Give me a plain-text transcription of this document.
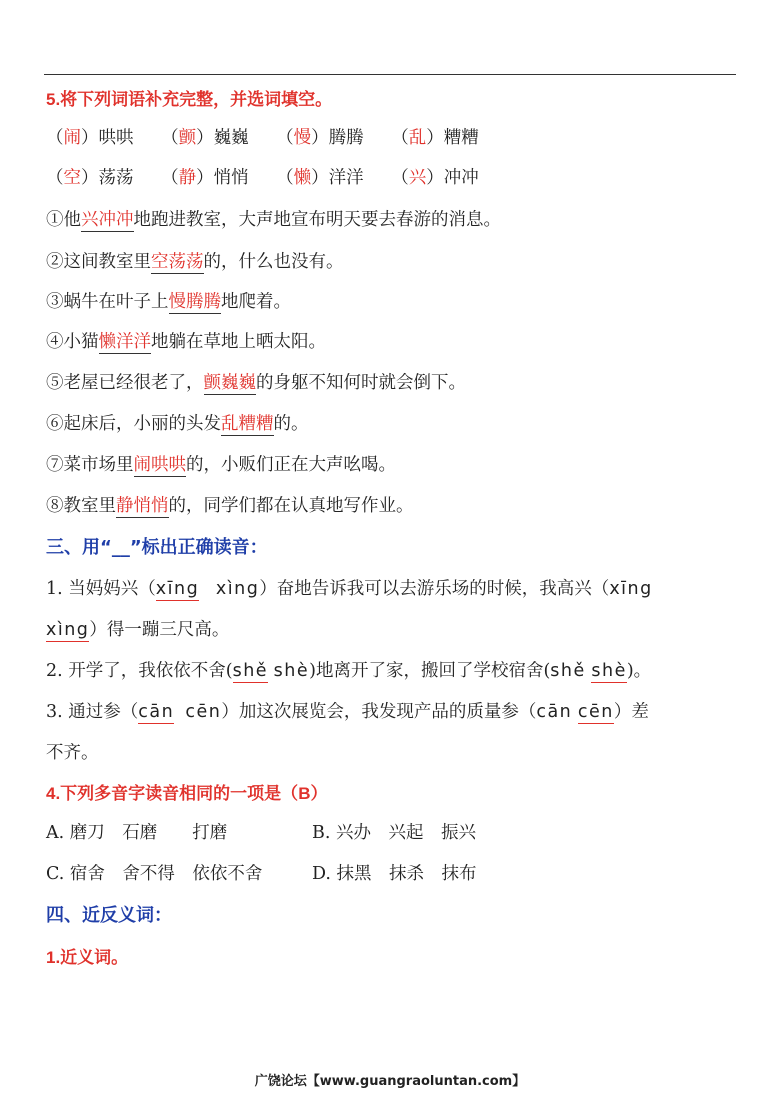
5.将下列词语补充完整，并选词填空。
（闹）哄哄 （颤）巍巍 （慢）腾腾 （乱）糟糟
（空）荡荡 （静）悄悄 （懒）洋洋 （兴）冲冲
①他兴冲冲地跑进教室，大声地宣布明天要去春游的消息。
②这间教室里空荡荡的，什么也没有。
③蜗牛在叶子上慢腾腾地爬着。
④小猫懒洋洋地躺在草地上晒太阳。
⑤老屋已经很老了，颤巍巍的身躯不知何时就会倒下。
⑥起床后，小丽的头发乱糟糟的。
⑦菜市场里闹哄哄的，小贩们正在大声吆喝。
⑧教室里静悄悄的，同学们都在认真地写作业。
三、用“__”标出正确读音：
1. 当妈妈兴（xīng xìng）奋地告诉我可以去游乐场的时候，我高兴（xīng
xìng）得一蹦三尺高。
2. 开学了，我依依不舍(shě shè)地离开了家，搬回了学校宿舍(shě shè)。
3. 通过参（cān cēn）加这次展览会，我发现产品的质量参（cān cēn）差
不齐。
4.下列多音字读音相同的一项是（B）
A. 磨刀　石磨　　打磨	B. 兴办　兴起　振兴
C. 宿舍　舍不得　依依不舍	D. 抹黑　抹杀　抹布
四、近反义词：
1.近义词。
广饶论坛【www.guangraoluntan.com】
